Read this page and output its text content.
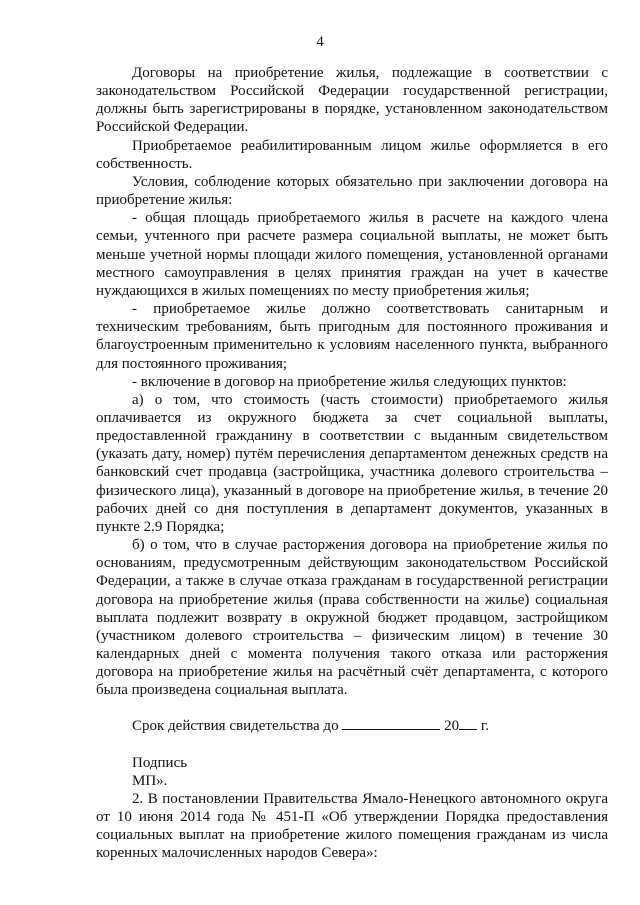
4

Договоры на приобретение жилья, подлежащие в соответствии с законодательством Российской Федерации государственной регистрации, должны быть зарегистрированы в порядке, установленном законодательством Российской Федерации.

Приобретаемое реабилитированным лицом жилье оформляется в его собственность.

Условия, соблюдение которых обязательно при заключении договора на приобретение жилья:

- общая площадь приобретаемого жилья в расчете на каждого члена семьи, учтенного при расчете размера социальной выплаты, не может быть меньше учетной нормы площади жилого помещения, установленной органами местного самоуправления в целях принятия граждан на учет в качестве нуждающихся в жилых помещениях по месту приобретения жилья;

- приобретаемое жилье должно соответствовать санитарным и техническим требованиям, быть пригодным для постоянного проживания и благоустроенным применительно к условиям населенного пункта, выбранного для постоянного проживания;

- включение в договор на приобретение жилья следующих пунктов:

а) о том, что стоимость (часть стоимости) приобретаемого жилья оплачивается из окружного бюджета за счет социальной выплаты, предоставленной гражданину в соответствии с выданным свидетельством (указать дату, номер) путём перечисления департаментом денежных средств на банковский счет продавца (застройщика, участника долевого строительства – физического лица), указанный в договоре на приобретение жилья, в течение 20 рабочих дней со дня поступления в департамент документов, указанных в пункте 2.9 Порядка;

б) о том, что в случае расторжения договора на приобретение жилья по основаниям, предусмотренным действующим законодательством Российской Федерации, а также в случае отказа гражданам в государственной регистрации договора на приобретение жилья (права собственности на жилье) социальная выплата подлежит возврату в окружной бюджет продавцом, застройщиком (участником долевого строительства – физическим лицом) в течение 30 календарных дней с момента получения такого отказа или расторжения договора на приобретение жилья на расчётный счёт департамента, с которого была произведена социальная выплата.

Срок действия свидетельства до	20 г.

Подпись

МП».

2. В постановлении Правительства Ямало-Ненецкого автономного округа от 10 июня 2014 года № 451-П «Об утверждении Порядка предоставления социальных выплат на приобретение жилого помещения гражданам из числа коренных малочисленных народов Севера»:
